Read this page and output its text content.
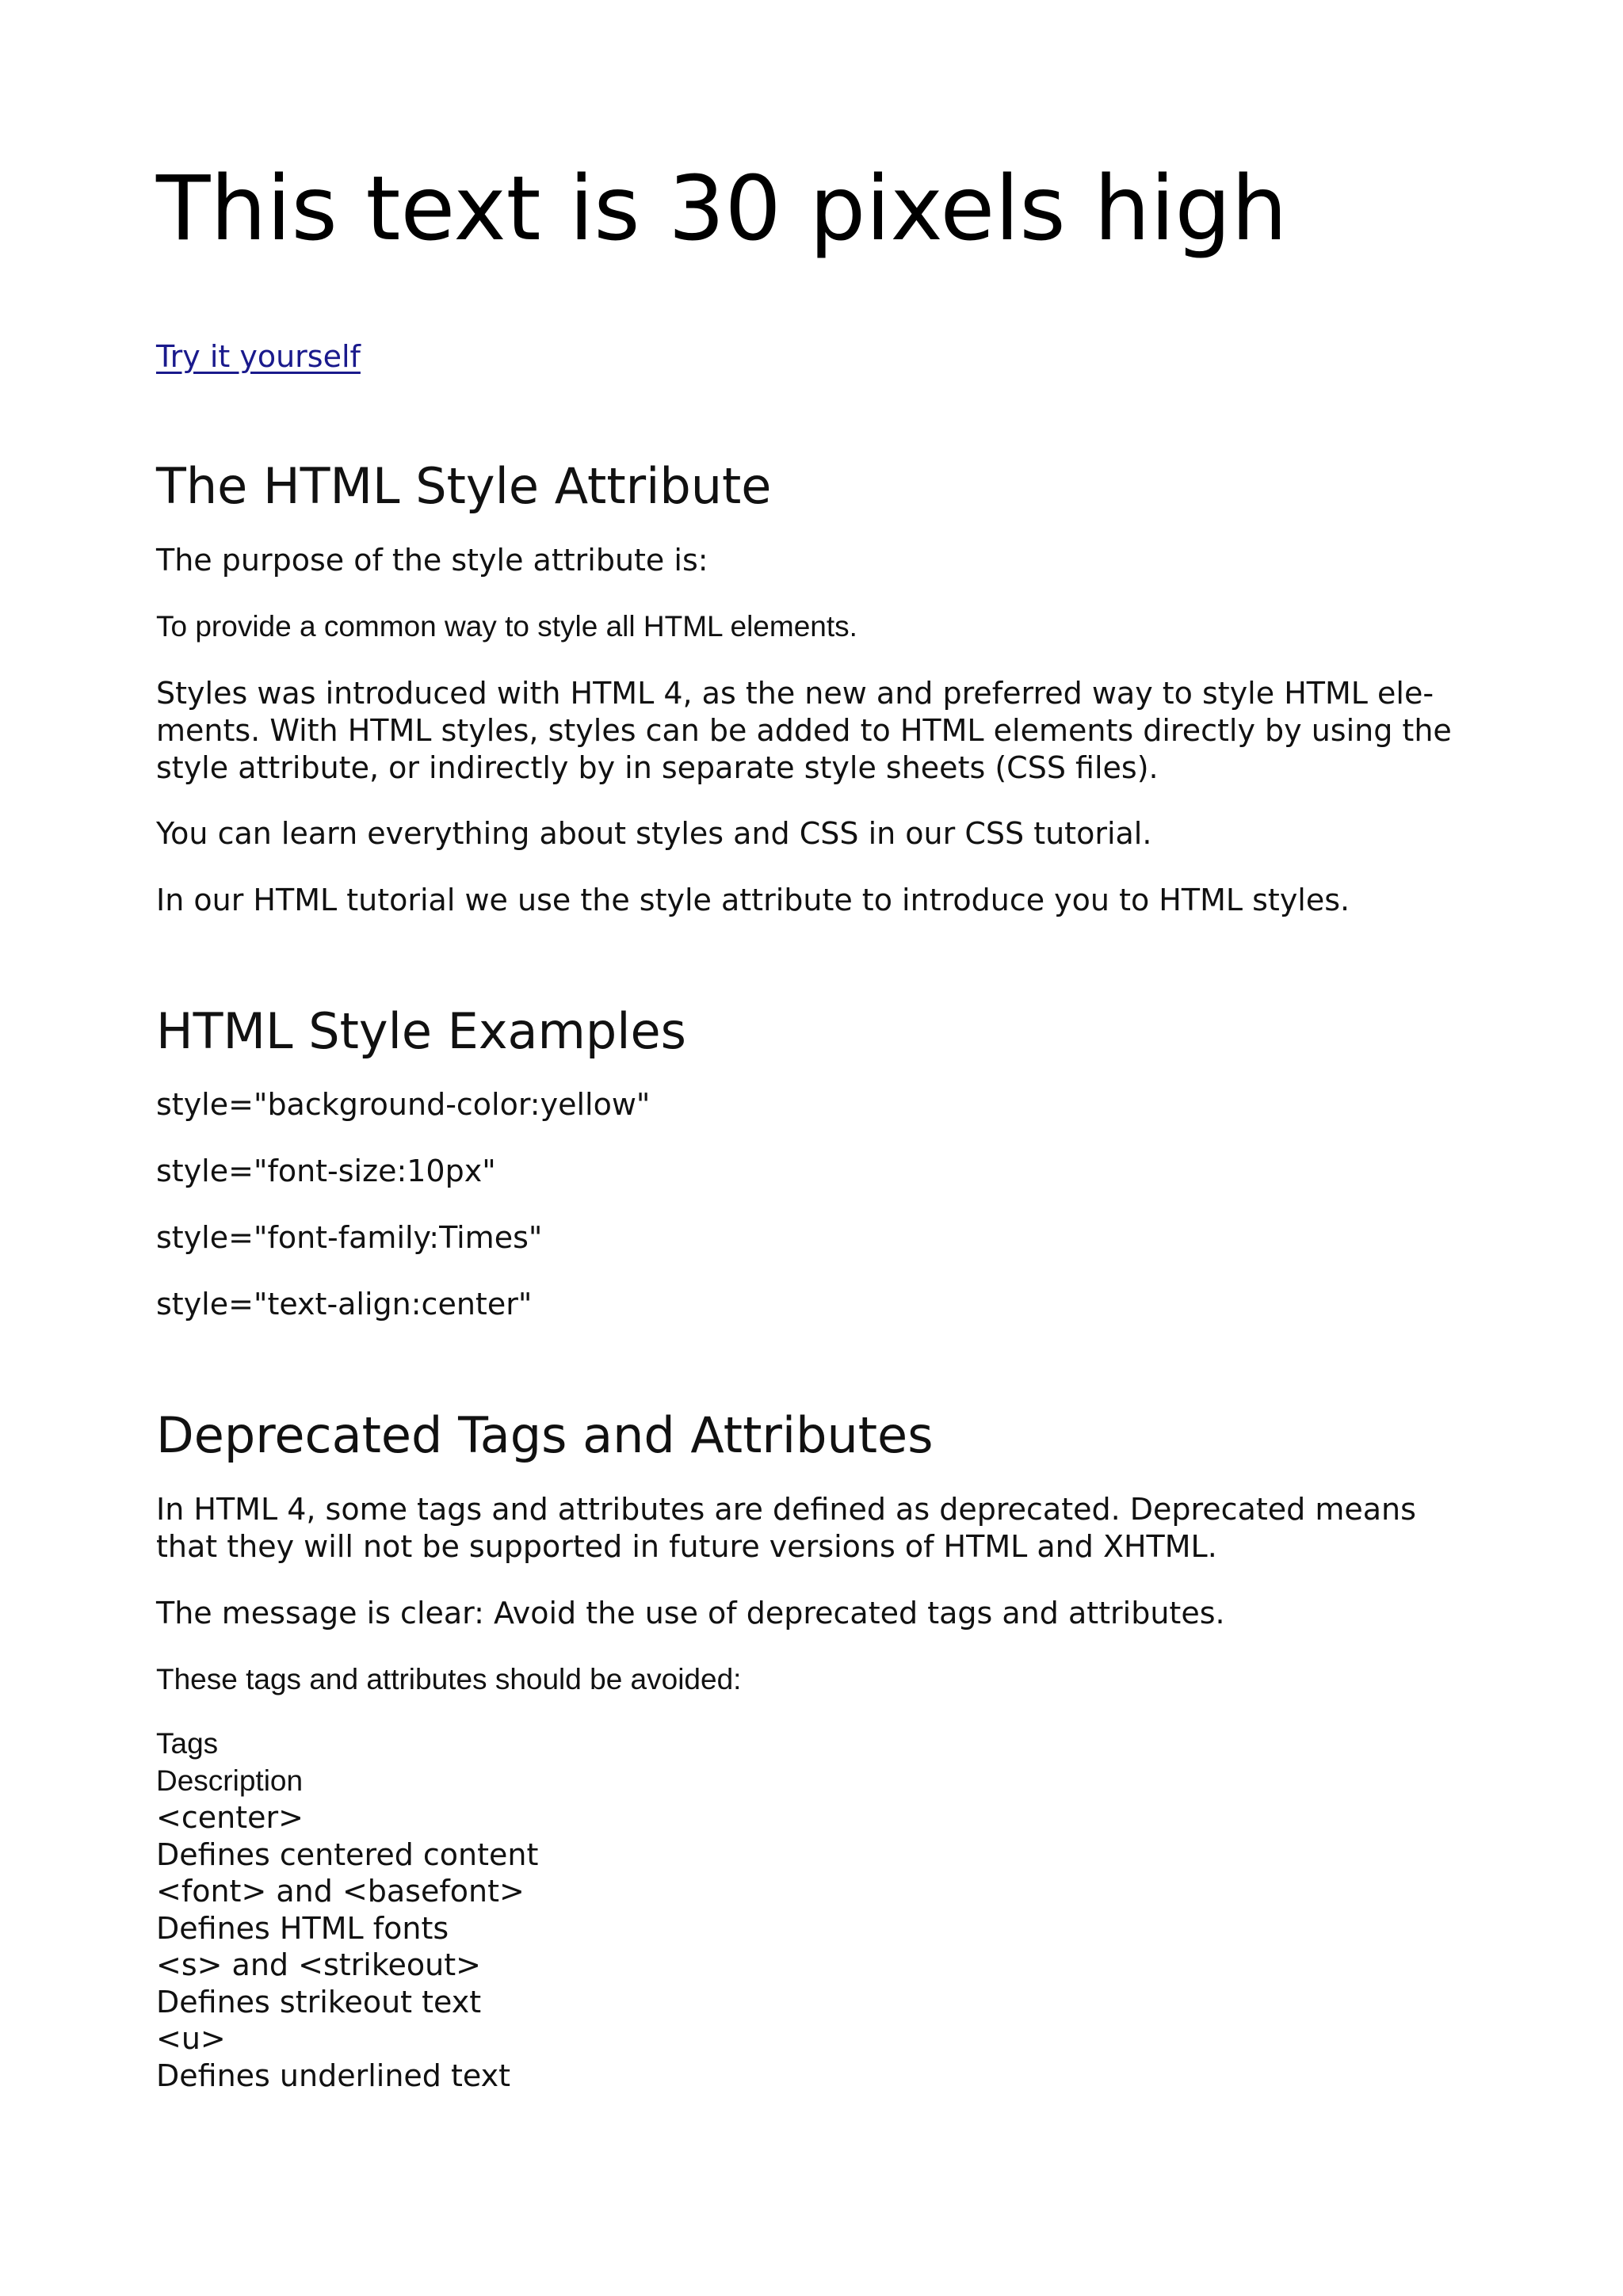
This text is 30 pixels high
Try it yourself
The HTML Style Attribute

The purpose of the style attribute is:

To provide a common way to style all HTML elements.

Styles was introduced with HTML 4, as the new and preferred way to style HTML ele-
ments. With HTML styles, styles can be added to HTML elements directly by using the
style attribute, or indirectly by in separate style sheets (CSS files).

You can learn everything about styles and CSS in our CSS tutorial.

In our HTML tutorial we use the style attribute to introduce you to HTML styles.

HTML Style Examples

style="background-color:yellow"

style="font-size:10px"

style="font-family:Times"

style="text-align:center"

Deprecated Tags and Attributes

In HTML 4, some tags and attributes are defined as deprecated. Deprecated means
that they will not be supported in future versions of HTML and XHTML.

The message is clear: Avoid the use of deprecated tags and attributes.

These tags and attributes should be avoided:

Tags
Description
<center>
Defines centered content
<font> and <basefont>
Defines HTML fonts
<s> and <strikeout>
Defines strikeout text
<u>
Defines underlined text
